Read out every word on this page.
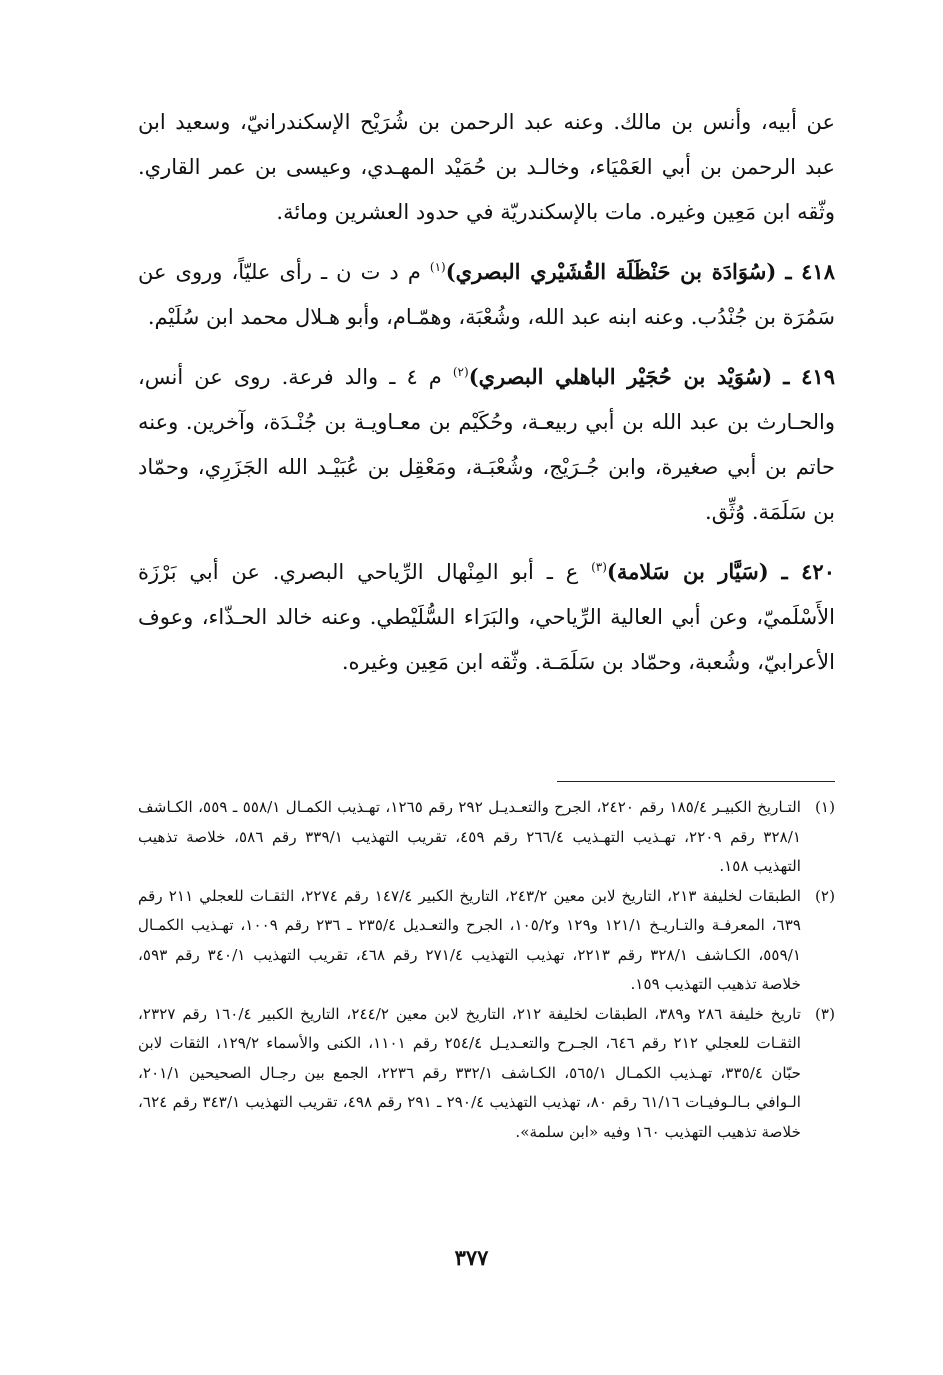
عن أبيه، وأنس بن مالك. وعنه عبد الرحمن بن شُرَيْح الإسكندرانيّ، وسعيد ابن عبد الرحمن بن أبي العَمْيَاء، وخالـد بن حُمَيْد المهـدي، وعيسى بن عمر القاري. وثّقه ابن مَعِين وغيره. مات بالإسكندريّة في حدود العشرين ومائة.

٤١٨ ـ (سُوَادَة بن حَنْظَلَة القُشَيْري البصري)$^{(١)}$ م د ت ن ـ رأى عليّاً، وروى عن سَمُرَة بن جُنْدُب. وعنه ابنه عبد الله، وشُعْبَة، وهمّـام، وأبو هـلال محمد ابن سُلَيْم.

٤١٩ ـ (سُوَيْد بن حُجَيْر الباهلي البصري)$^{(٢)}$ م ٤ ـ والد فرعة. روى عن أنس، والحـارث بن عبد الله بن أبي ربيعـة، وحُكَيْم بن معـاويـة بن جُنْـدَة، وآخرين. وعنه حاتم بن أبي صغيرة، وابن جُـرَيْج، وشُعْبَـة، ومَعْقِل بن عُبَيْـد الله الجَزَرِي، وحمّاد بن سَلَمَة. وُثِّق.

٤٢٠ ـ (سَيَّار بن سَلامة)$^{(٣)}$ ع ـ أبو المِنْهال الرِّياحي البصري. عن أبي بَرْزَة الأَسْلَميّ، وعن أبي العالية الرِّياحي، والبَرَاء السُّلَيْطي. وعنه خالد الحـذّاء، وعوف الأعرابيّ، وشُعبة، وحمّاد بن سَلَمَـة. وثّقه ابن مَعِين وغيره.

(١)
التـاريخ الكبيـر ١٨٥/٤ رقم ٢٤٢٠، الجرح والتعـديـل ٢٩٢ رقم ١٢٦٥، تهـذيب الكمـال ٥٥٨/١ ـ ٥٥٩، الكـاشف ٣٢٨/١ رقم ٢٢٠٩، تهـذيب التهـذيب ٢٦٦/٤ رقم ٤٥٩، تقريب التهذيب ٣٣٩/١ رقم ٥٨٦، خلاصة تذهيب التهذيب ١٥٨.
(٢)
الطبقات لخليفة ٢١٣، التاريخ لابن معين ٢٤٣/٢، التاريخ الكبير ١٤٧/٤ رقم ٢٢٧٤، الثقـات للعجلي ٢١١ رقم ٦٣٩، المعرفـة والتـاريـخ ١٢١/١ و١٢٩ و١٠٥/٢، الجرح والتعـديل ٢٣٥/٤ ـ ٢٣٦ رقم ١٠٠٩، تهـذيب الكمـال ٥٥٩/١، الكـاشف ٣٢٨/١ رقم ٢٢١٣، تهذيب التهذيب ٢٧١/٤ رقم ٤٦٨، تقريب التهذيب ٣٤٠/١ رقم ٥٩٣، خلاصة تذهيب التهذيب ١٥٩.
(٣)
تاريخ خليفة ٢٨٦ و٣٨٩، الطبقات لخليفة ٢١٢، التاريخ لابن معين ٢٤٤/٢، التاريخ الكبير ١٦٠/٤ رقم ٢٣٢٧، الثقـات للعجلي ٢١٢ رقم ٦٤٦، الجـرح والتعـديـل ٢٥٤/٤ رقم ١١٠١، الكنى والأسماء ١٢٩/٢، الثقات لابن حبّان ٣٣٥/٤، تهـذيب الكمـال ٥٦٥/١، الكـاشف ٣٣٢/١ رقم ٢٢٣٦، الجمع بين رجـال الصحيحين ٢٠١/١، الـوافي بـالـوفيـات ٦١/١٦ رقم ٨٠، تهذيب التهذيب ٢٩٠/٤ ـ ٢٩١ رقم ٤٩٨، تقريب التهذيب ٣٤٣/١ رقم ٦٢٤، خلاصة تذهيب التهذيب ١٦٠ وفيه «ابن سلمة».
٣٧٧
